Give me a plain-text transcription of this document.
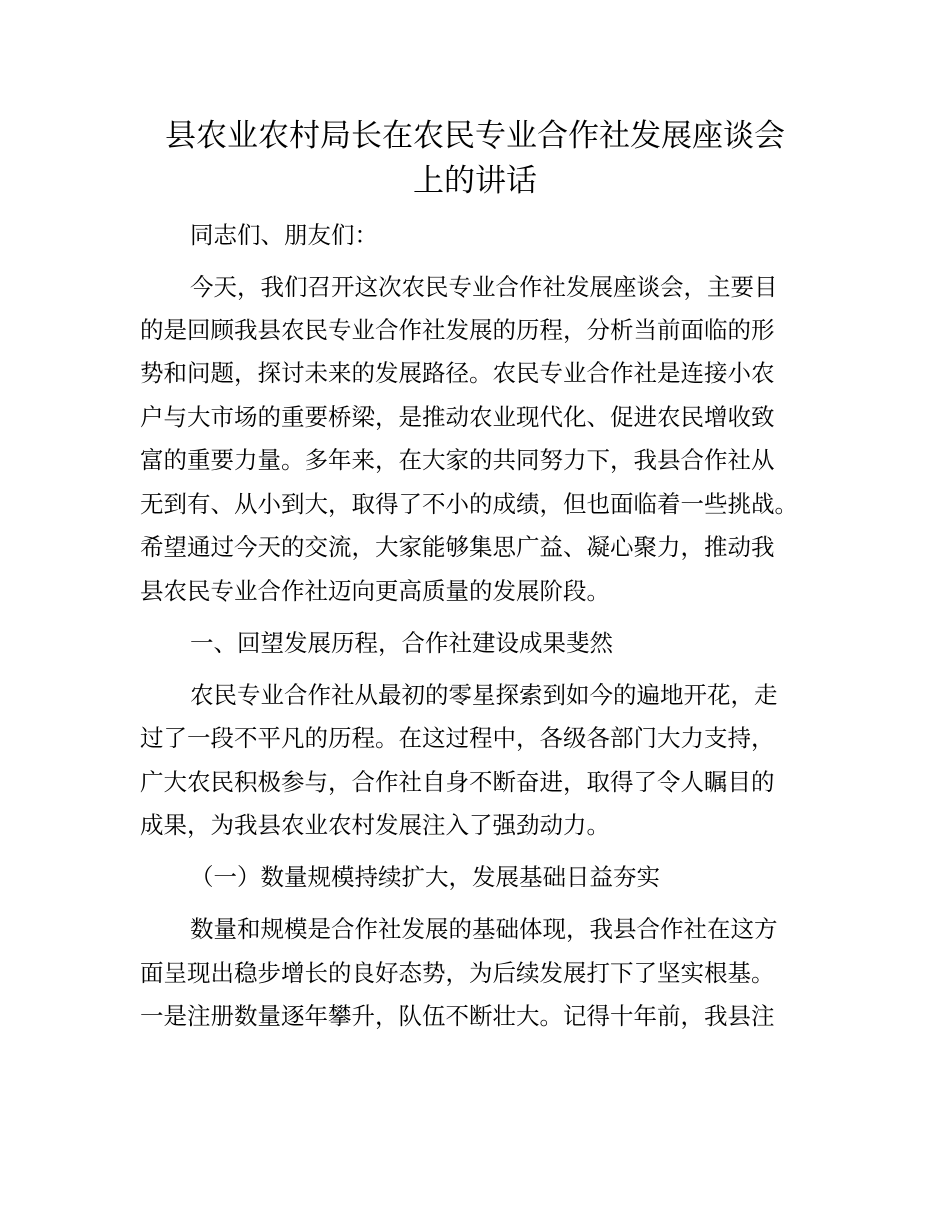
县农业农村局长在农民专业合作社发展座谈会
上的讲话

同志们、朋友们：

今天，我们召开这次农民专业合作社发展座谈会，主要目

的是回顾我县农民专业合作社发展的历程，分析当前面临的形

势和问题，探讨未来的发展路径。农民专业合作社是连接小农

户与大市场的重要桥梁，是推动农业现代化、促进农民增收致

富的重要力量。多年来，在大家的共同努力下，我县合作社从

无到有、从小到大，取得了不小的成绩，但也面临着一些挑战。

希望通过今天的交流，大家能够集思广益、凝心聚力，推动我

县农民专业合作社迈向更高质量的发展阶段。

一、回望发展历程，合作社建设成果斐然

农民专业合作社从最初的零星探索到如今的遍地开花，走

过了一段不平凡的历程。在这过程中，各级各部门大力支持，

广大农民积极参与，合作社自身不断奋进，取得了令人瞩目的

成果，为我县农业农村发展注入了强劲动力。

（一）数量规模持续扩大，发展基础日益夯实

数量和规模是合作社发展的基础体现，我县合作社在这方

面呈现出稳步增长的良好态势，为后续发展打下了坚实根基。

一是注册数量逐年攀升，队伍不断壮大。记得十年前，我县注
